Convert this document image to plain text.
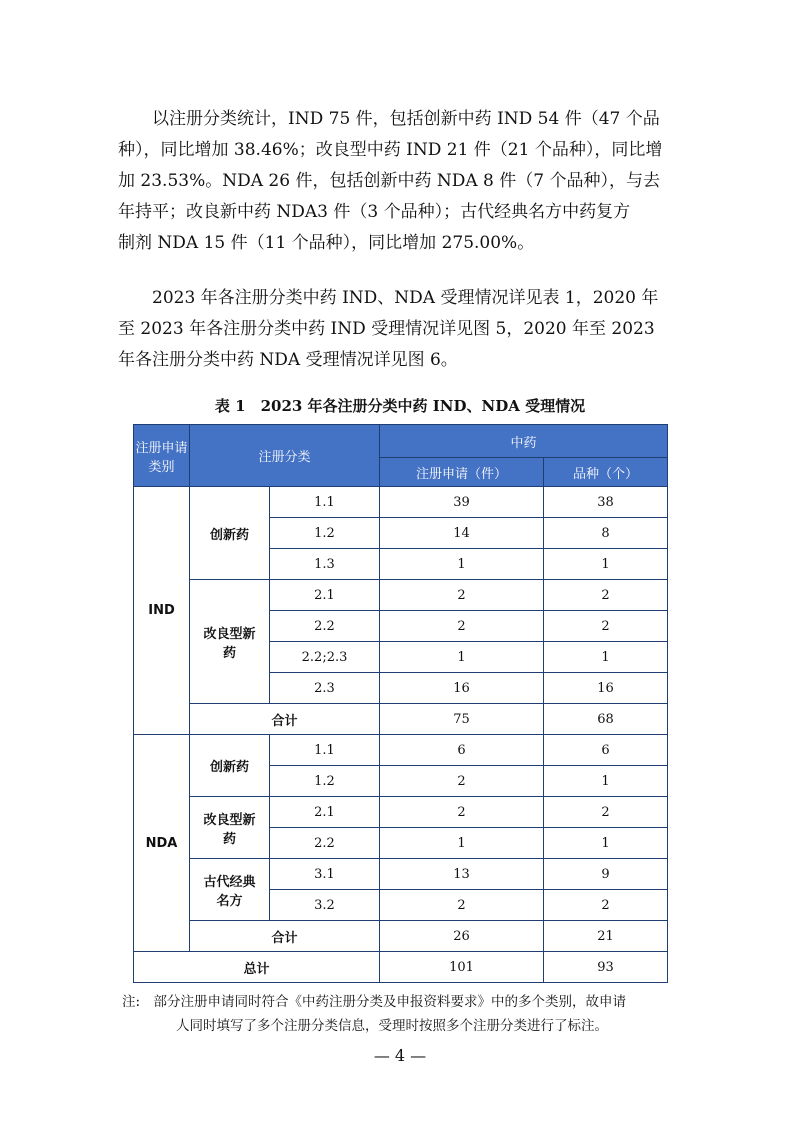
以注册分类统计，IND 75 件，包括创新中药 IND 54 件（47 个品
种），同比增加 38.46%；改良型中药 IND 21 件（21 个品种），同比增
加 23.53%。NDA 26 件，包括创新中药 NDA 8 件（7 个品种），与去
年持平；改良新中药 NDA3 件（3 个品种）；古代经典名方中药复方
制剂 NDA 15 件（11 个品种），同比增加 275.00%。
2023 年各注册分类中药 IND、NDA 受理情况详见表 1，2020 年
至 2023 年各注册分类中药 IND 受理情况详见图 5，2020 年至 2023
年各注册分类中药 NDA 受理情况详见图 6。
表 1　2023 年各注册分类中药 IND、NDA 受理情况
注册申请类别	注册分类		中药	
			注册申请（件）	品种（个）
IND	创新药	1.1	39	38
		1.2	14	8
		1.3	1	1
	改良型新药	2.1	2	2
		2.2	2	2
		2.2;2.3	1	1
		2.3	16	16
	合计		75	68
NDA	创新药	1.1	6	6
		1.2	2	1
	改良型新药	2.1	2	2
		2.2	1	1
	古代经典名方	3.1	13	9
		3.2	2	2
	合计		26	21
总计			101	93
注:　部分注册申请同时符合《中药注册分类及申报资料要求》中的多个类别，故申请
人同时填写了多个注册分类信息，受理时按照多个注册分类进行了标注。
— 4 —
